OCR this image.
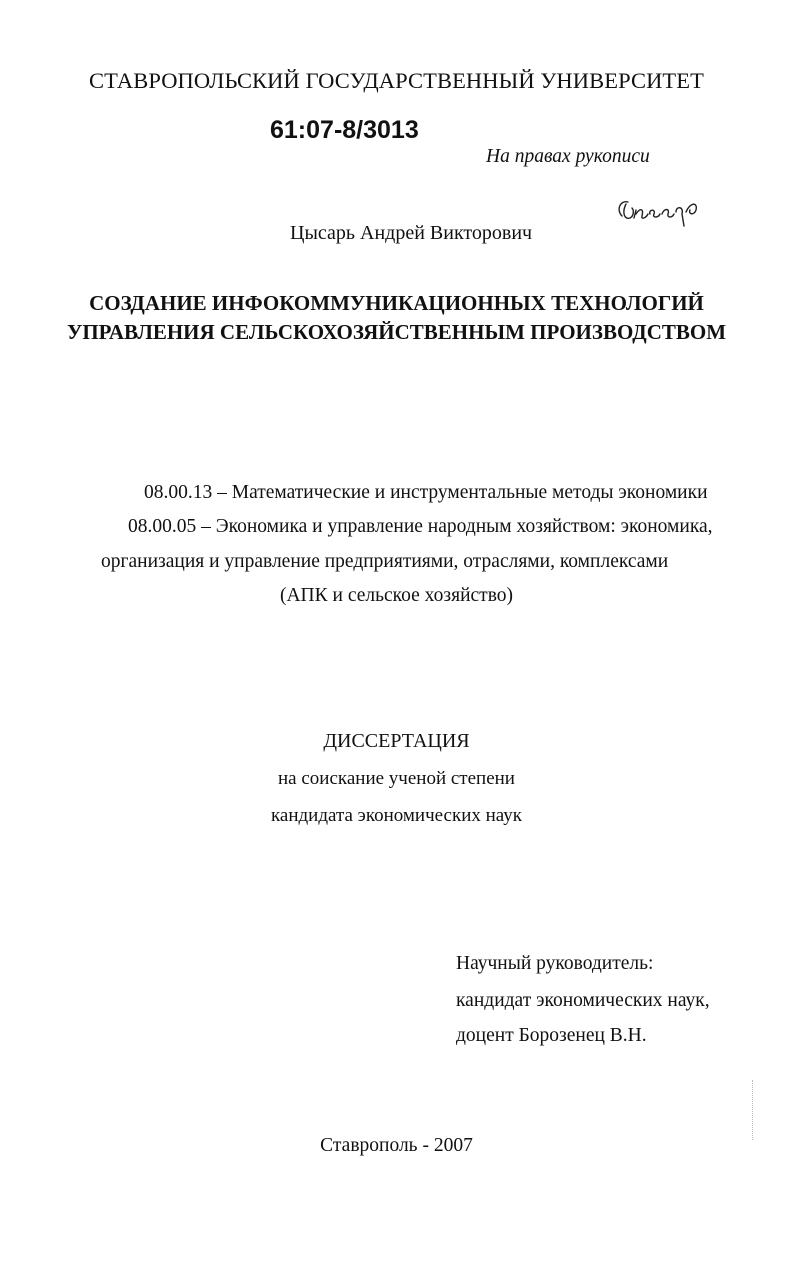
СТАВРОПОЛЬСКИЙ ГОСУДАРСТВЕННЫЙ УНИВЕРСИТЕТ
61:07-8/3013
На правах рукописи
Цысарь Андрей Викторович
СОЗДАНИЕ ИНФОКОММУНИКАЦИОННЫХ ТЕХНОЛОГИЙ
УПРАВЛЕНИЯ СЕЛЬСКОХОЗЯЙСТВЕННЫМ ПРОИЗВОДСТВОМ
08.00.13 – Математические и инструментальные методы экономики
08.00.05 – Экономика и управление народным хозяйством: экономика,
организация и управление предприятиями, отраслями, комплексами
(АПК и сельское хозяйство)
ДИССЕРТАЦИЯ
на соискание ученой степени
кандидата экономических наук
Научный руководитель:
кандидат экономических наук,
доцент Борозенец В.Н.
Ставрополь - 2007
